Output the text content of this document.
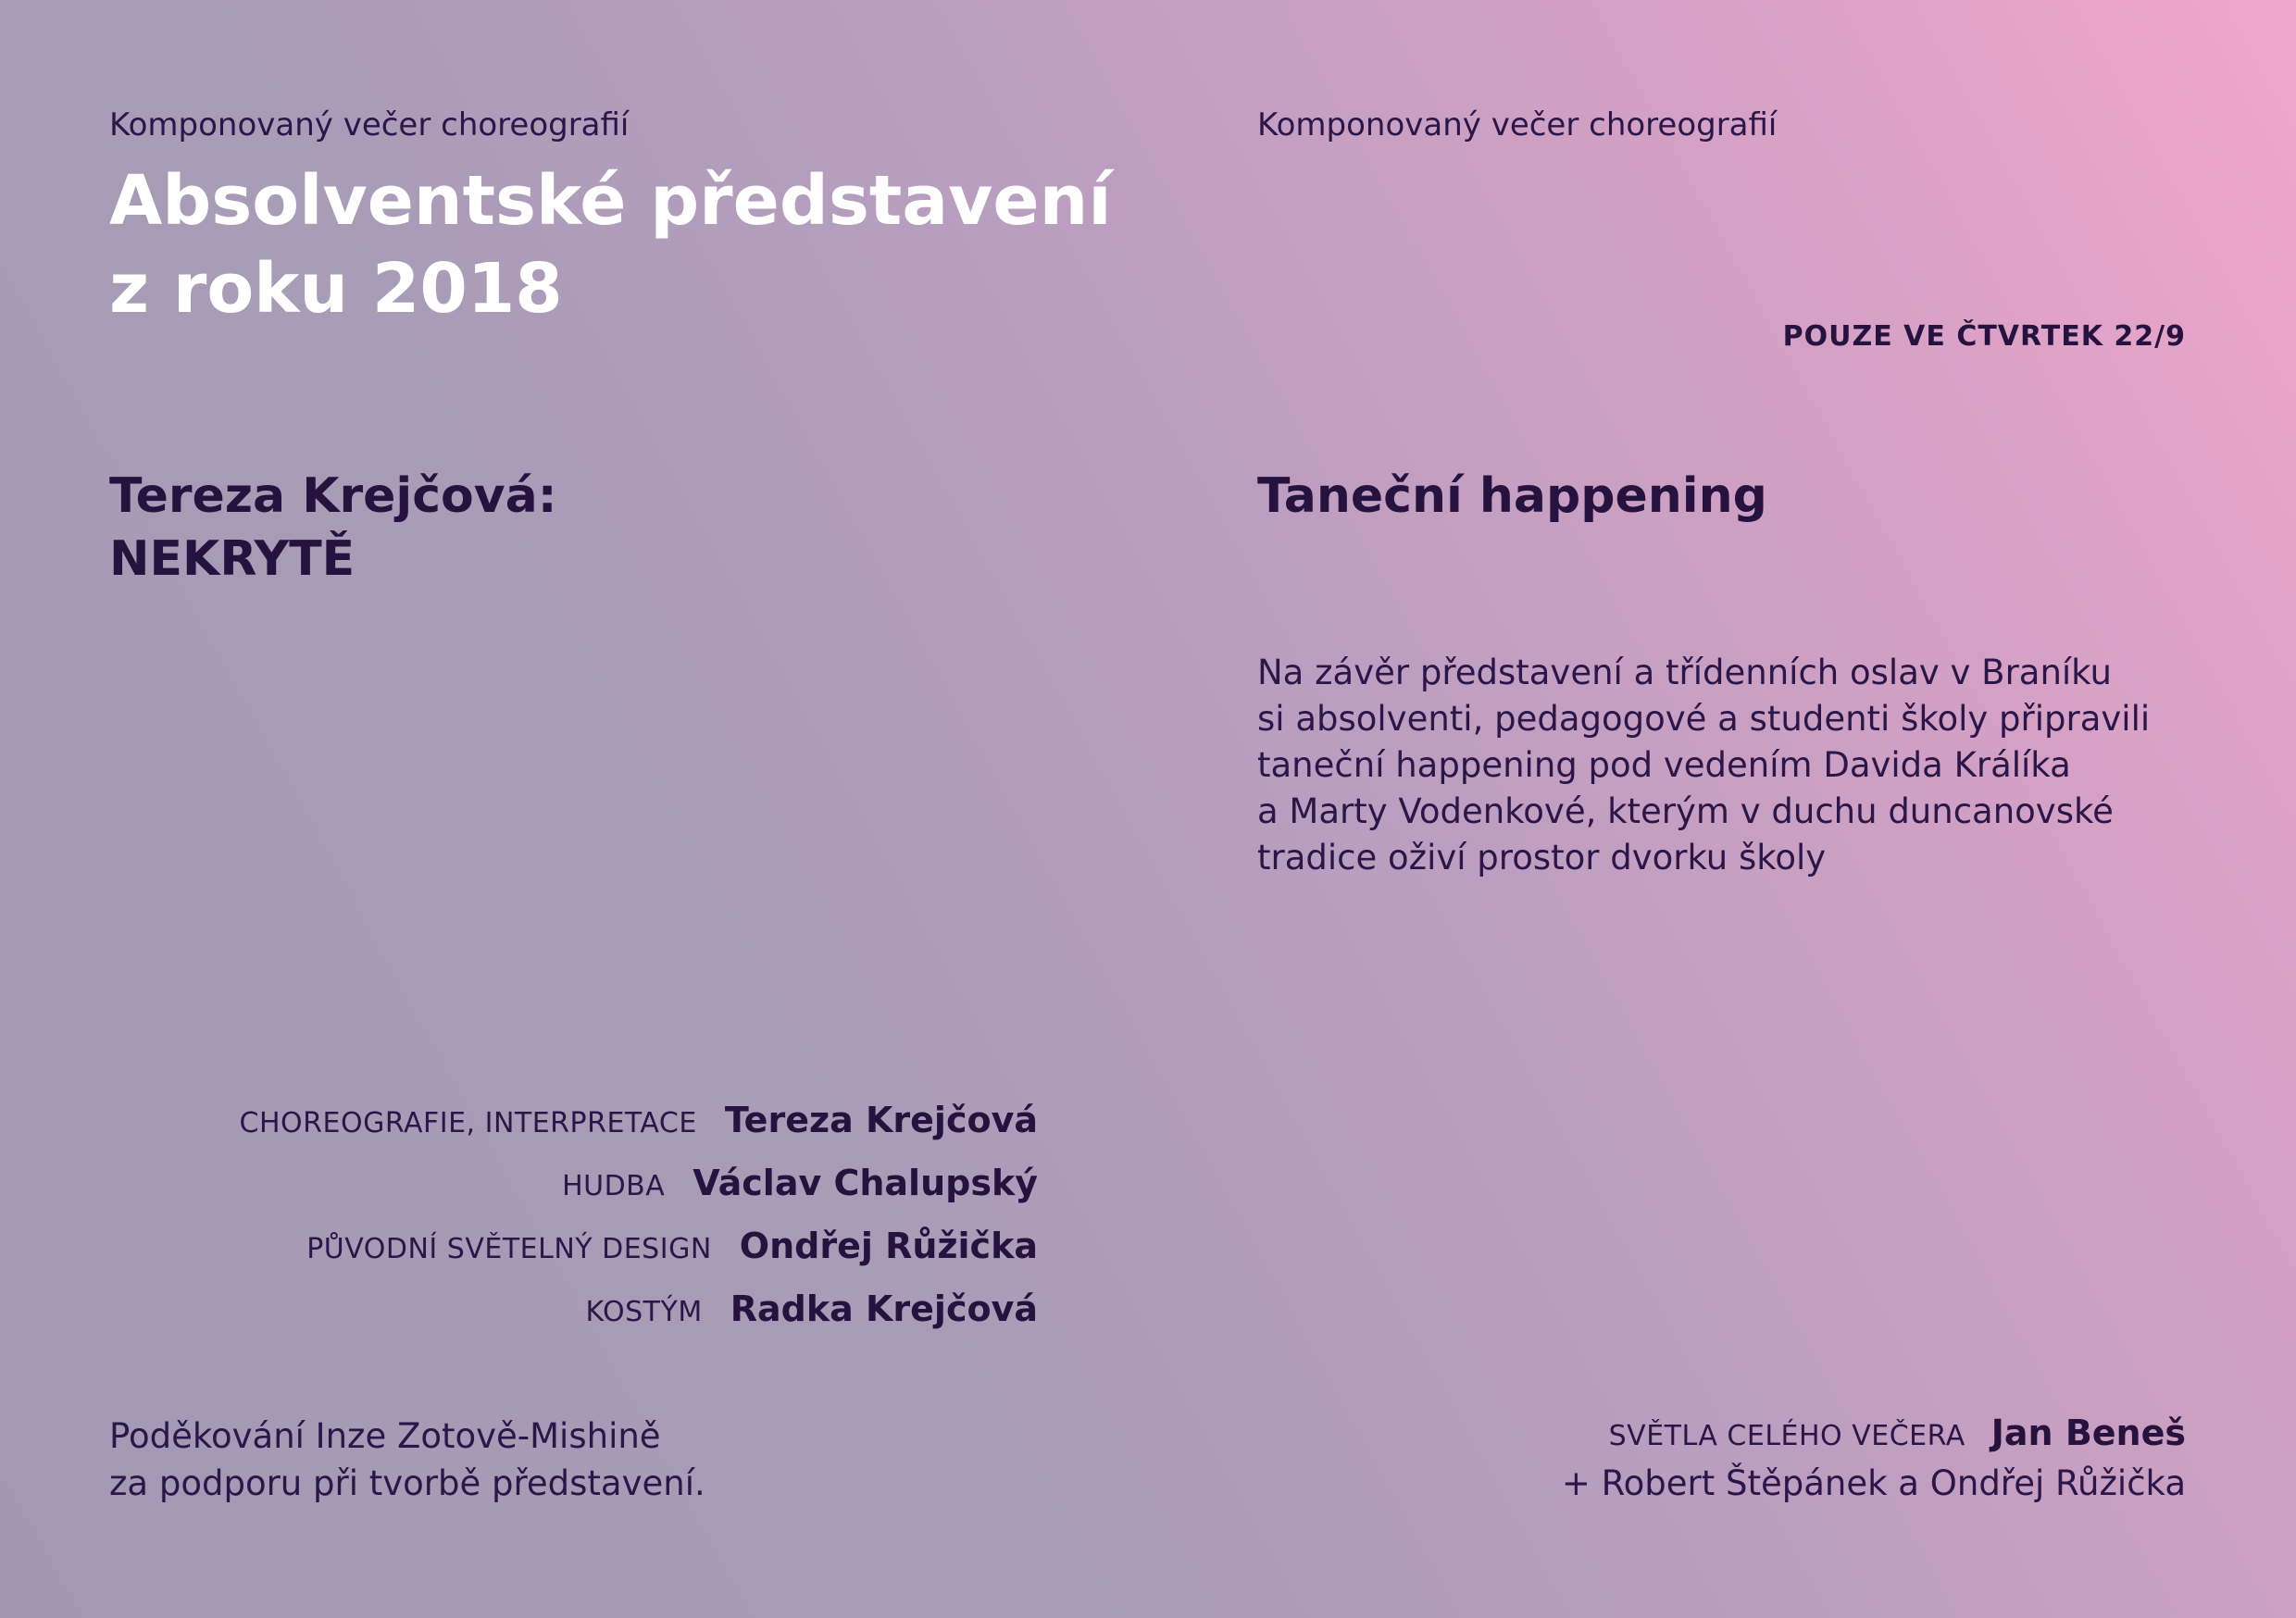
Komponovaný večer choreografií
Absolventské představení
z roku 2018
Tereza Krejčová:
NEKRYTĚ
CHOREOGRAFIE, INTERPRETACE Tereza Krejčová
HUDBA Václav Chalupský
PŮVODNÍ SVĚTELNÝ DESIGN Ondřej Růžička
KOSTÝM Radka Krejčová
Poděkování Inze Zotově-Mishině
za podporu při tvorbě představení.
Komponovaný večer choreografií
POUZE VE ČTVRTEK 22/9
Taneční happening
Na závěr představení a třídenních oslav v Braníku
si absolventi, pedagogové a studenti školy připravili
taneční happening pod vedením Davida Králíka
a Marty Vodenkové, kterým v duchu duncanovské
tradice oživí prostor dvorku školy
SVĚTLA CELÉHO VEČERA Jan Beneš
+ Robert Štěpánek a Ondřej Růžička
